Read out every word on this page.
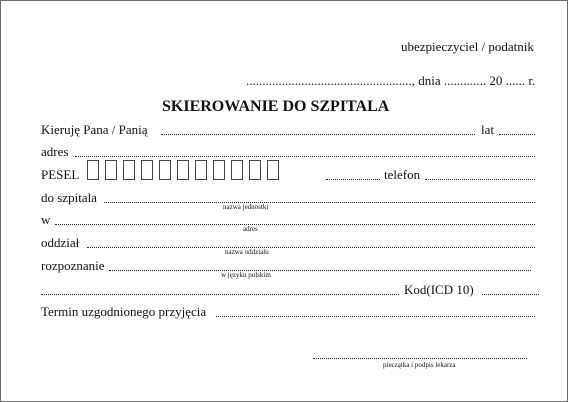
ubezpieczyciel / podatnik
..................................................., dnia ............. 20 ...... r.
SKIEROWANIE DO SZPITALA
Kieruję Pana / Panią	lat
adres
PESEL	telefon
do szpitala
nazwa jednostki
w
adres
oddział
nazwa oddziału
rozpoznanie
w języku polskim
Kod(ICD 10)
Termin uzgodnionego przyjęcia
pieczątka i podpis lekarza
